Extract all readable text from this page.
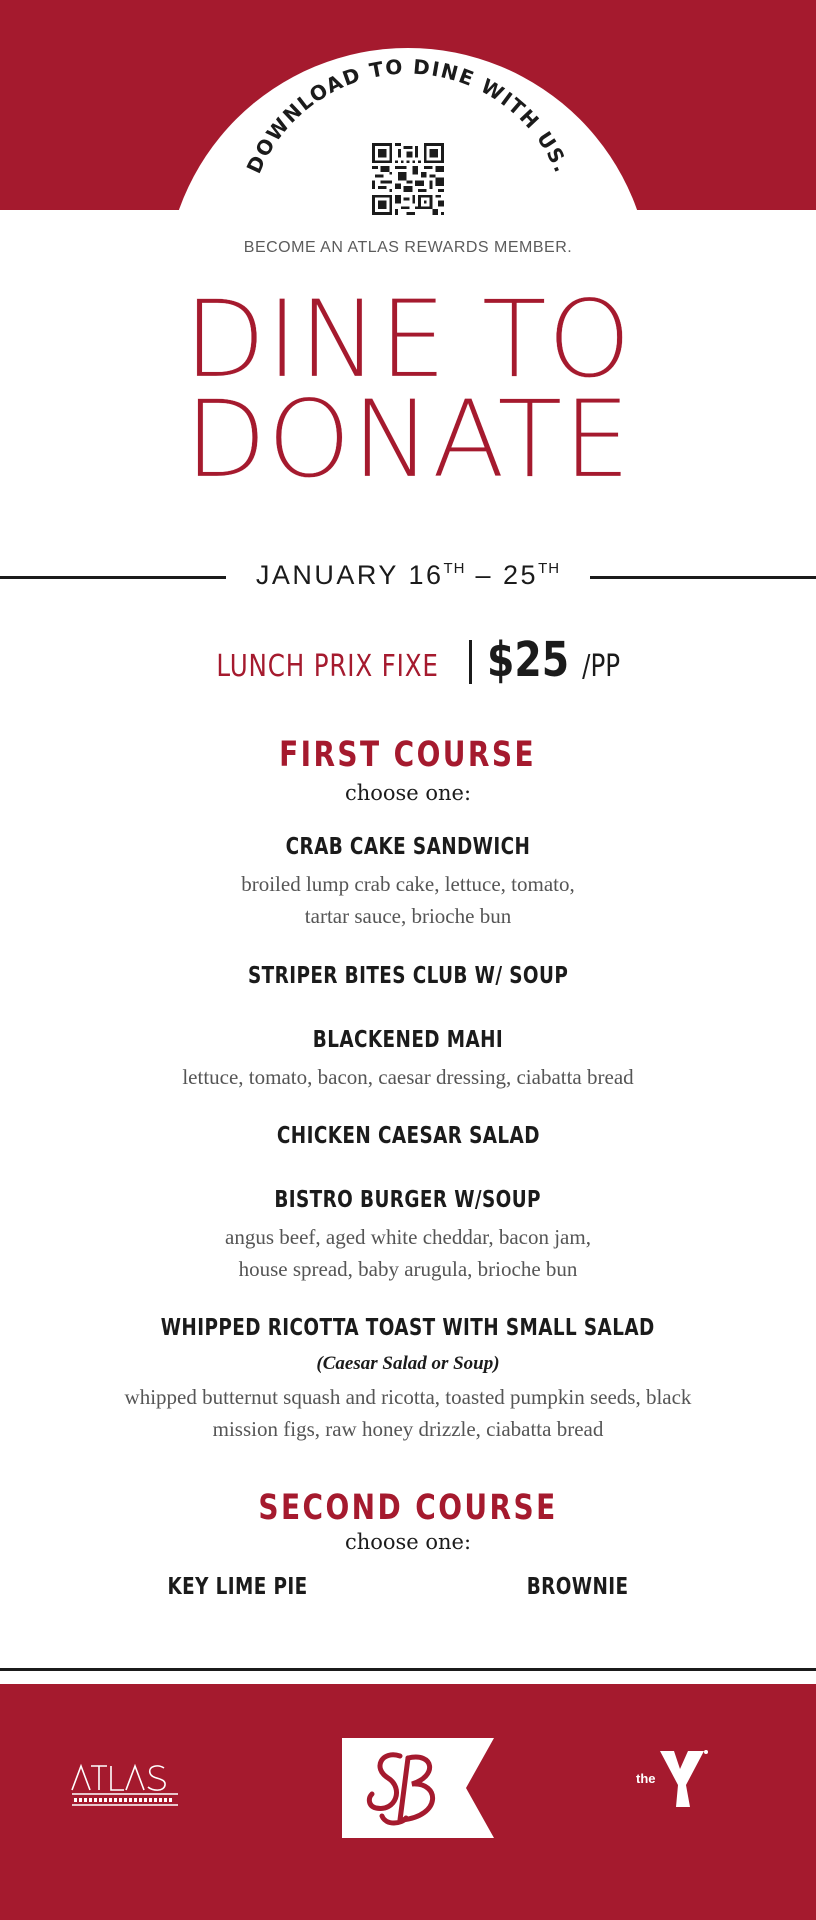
DOWNLOAD TO DINE WITH US.
BECOME AN ATLAS REWARDS MEMBER.
DINE TO
DONATE
JANUARY 16TH – 25TH
LUNCH PRIX FIXE $25 /PP
FIRST COURSE
choose one:
CRAB CAKE SANDWICH
broiled lump crab cake, lettuce, tomato,
tartar sauce, brioche bun
STRIPER BITES CLUB W/ SOUP
BLACKENED MAHI
lettuce, tomato, bacon, caesar dressing, ciabatta bread
CHICKEN CAESAR SALAD
BISTRO BURGER W/SOUP
angus beef, aged white cheddar, bacon jam,
house spread, baby arugula, brioche bun
WHIPPED RICOTTA TOAST WITH SMALL SALAD
(Caesar Salad or Soup)
whipped butternut squash and ricotta, toasted pumpkin seeds, black
mission figs, raw honey drizzle, ciabatta bread
SECOND COURSE
choose one:
KEY LIME PIE	BROWNIE
the
